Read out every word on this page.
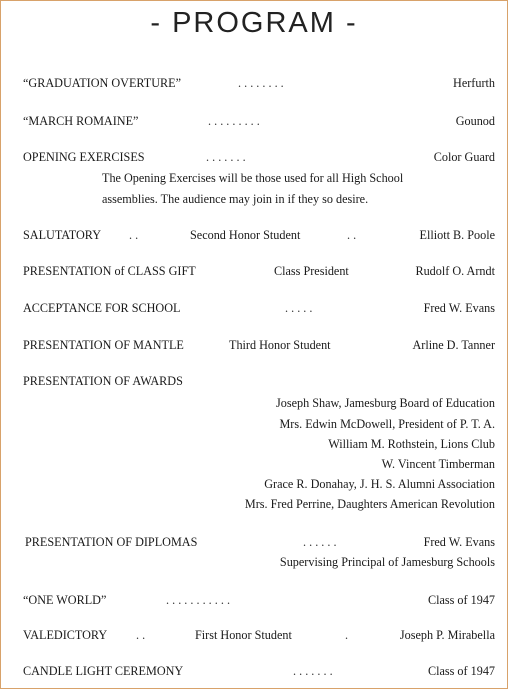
- PROGRAM -
“GRADUATION OVERTURE”	. . . . . . . .	Herfurth
“MARCH ROMAINE”	. . . . . . . . .	Gounod
OPENING EXERCISES	. . . . . . .	Color Guard
The Opening Exercises will be those used for all High School assemblies. The audience may join in if they so desire.
SALUTATORY . .	Second Honor Student	. .	Elliott B. Poole
PRESENTATION of CLASS GIFT	Class President	Rudolf O. Arndt
ACCEPTANCE FOR SCHOOL	. . . . .	Fred W. Evans
PRESENTATION OF MANTLE	Third Honor Student	Arline D. Tanner
PRESENTATION OF AWARDS
Joseph Shaw, Jamesburg Board of Education
Mrs. Edwin McDowell, President of P. T. A.
William M. Rothstein, Lions Club
W. Vincent Timberman
Grace R. Donahay, J. H. S. Alumni Association
Mrs. Fred Perrine, Daughters American Revolution
PRESENTATION OF DIPLOMAS	. . . . . .	Fred W. Evans
Supervising Principal of Jamesburg Schools
“ONE WORLD”	. . . . . . . . . . .	Class of 1947
VALEDICTORY . .	First Honor Student	.	Joseph P. Mirabella
CANDLE LIGHT CEREMONY	. . . . . . .	Class of 1947
